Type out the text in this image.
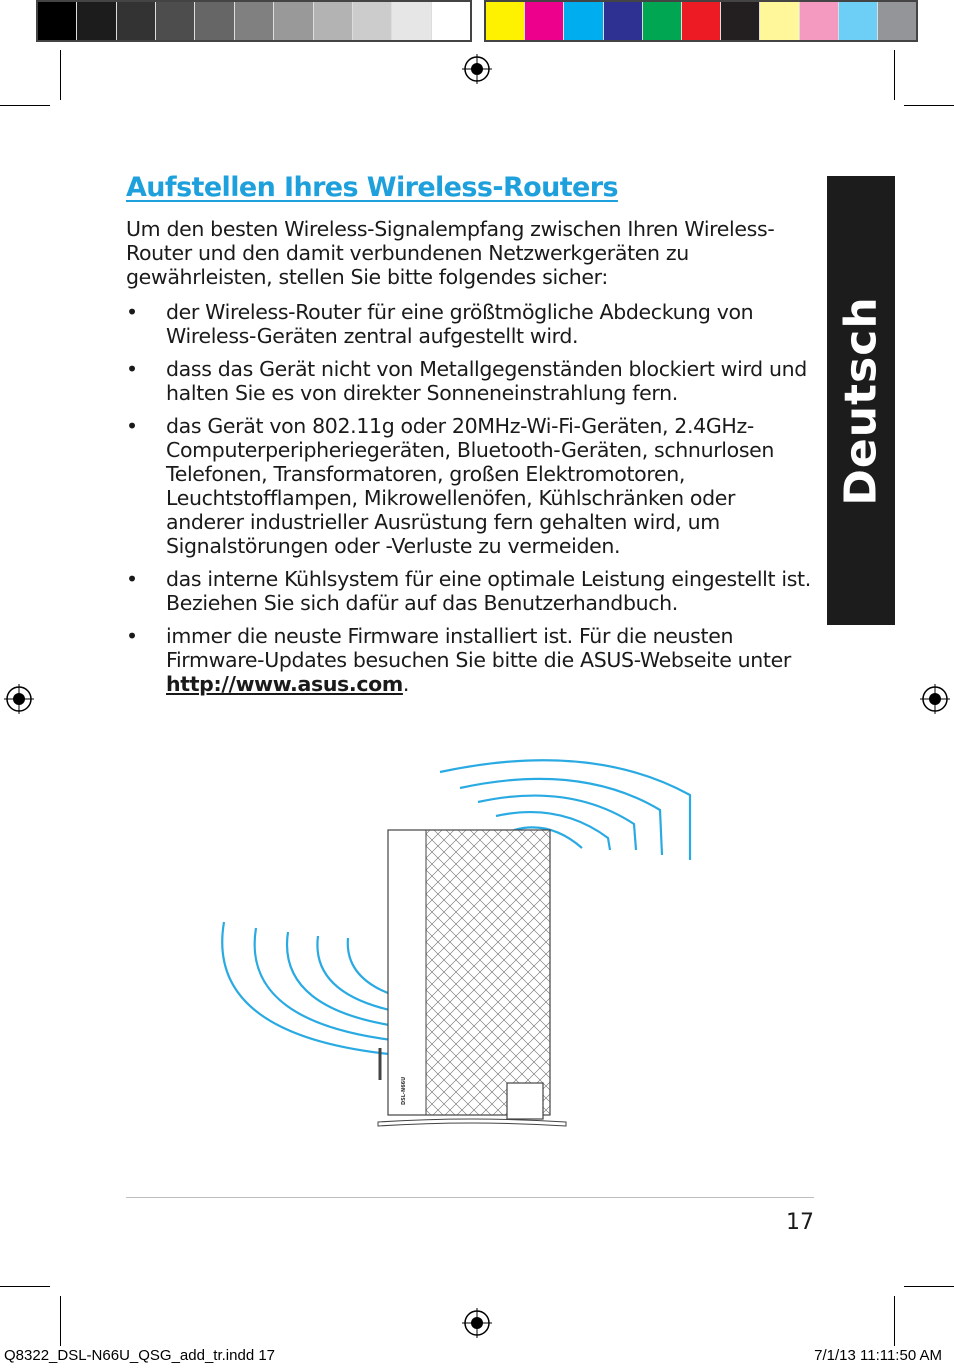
Deutsch
Aufstellen Ihres Wireless-Routers

Um den besten Wireless-Signalempfang zwischen Ihren Wireless-Router und den damit verbundenen Netzwerkgeräten zu gewährleisten, stellen Sie bitte folgendes sicher:

• der Wireless-Router für eine größtmögliche Abdeckung von Wireless-Geräten zentral aufgestellt wird.
• dass das Gerät nicht von Metallgegenständen blockiert wird und halten Sie es von direkter Sonneneinstrahlung fern.
• das Gerät von 802.11g oder 20MHz-Wi-Fi-Geräten, 2.4GHz-Computerperipheriegeräten, Bluetooth-Geräten, schnurlosen Telefonen, Transformatoren, großen Elektromotoren, Leuchtstofflampen, Mikrowellenöfen, Kühlschränken oder anderer industrieller Ausrüstung fern gehalten wird, um Signalstörungen oder -Verluste zu vermeiden.
• das interne Kühlsystem für eine optimale Leistung eingestellt ist. Beziehen Sie sich dafür auf das Benutzerhandbuch.
• immer die neuste Firmware installiert ist. Für die neusten Firmware-Updates besuchen Sie bitte die ASUS-Webseite unter http://www.asus.com.
DSL-N66U
17
Q8322_DSL-N66U_QSG_add_tr.indd 17	7/1/13 11:11:50 AM
